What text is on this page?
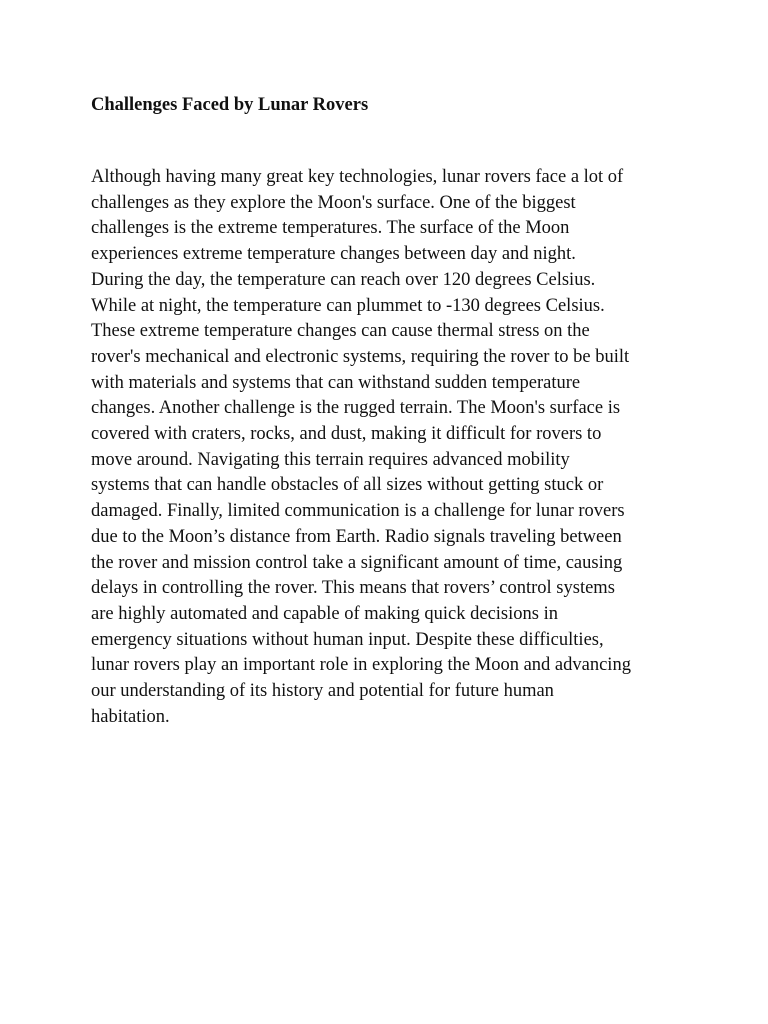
Challenges Faced by Lunar Rovers

Although having many great key technologies, lunar rovers face a lot of
challenges as they explore the Moon's surface. One of the biggest
challenges is the extreme temperatures. The surface of the Moon
experiences extreme temperature changes between day and night.
During the day, the temperature can reach over 120 degrees Celsius.
While at night, the temperature can plummet to -130 degrees Celsius.
These extreme temperature changes can cause thermal stress on the
rover's mechanical and electronic systems, requiring the rover to be built
with materials and systems that can withstand sudden temperature
changes. Another challenge is the rugged terrain. The Moon's surface is
covered with craters, rocks, and dust, making it difficult for rovers to
move around. Navigating this terrain requires advanced mobility
systems that can handle obstacles of all sizes without getting stuck or
damaged. Finally, limited communication is a challenge for lunar rovers
due to the Moon’s distance from Earth. Radio signals traveling between
the rover and mission control take a significant amount of time, causing
delays in controlling the rover. This means that rovers’ control systems
are highly automated and capable of making quick decisions in
emergency situations without human input. Despite these difficulties,
lunar rovers play an important role in exploring the Moon and advancing
our understanding of its history and potential for future human
habitation.
